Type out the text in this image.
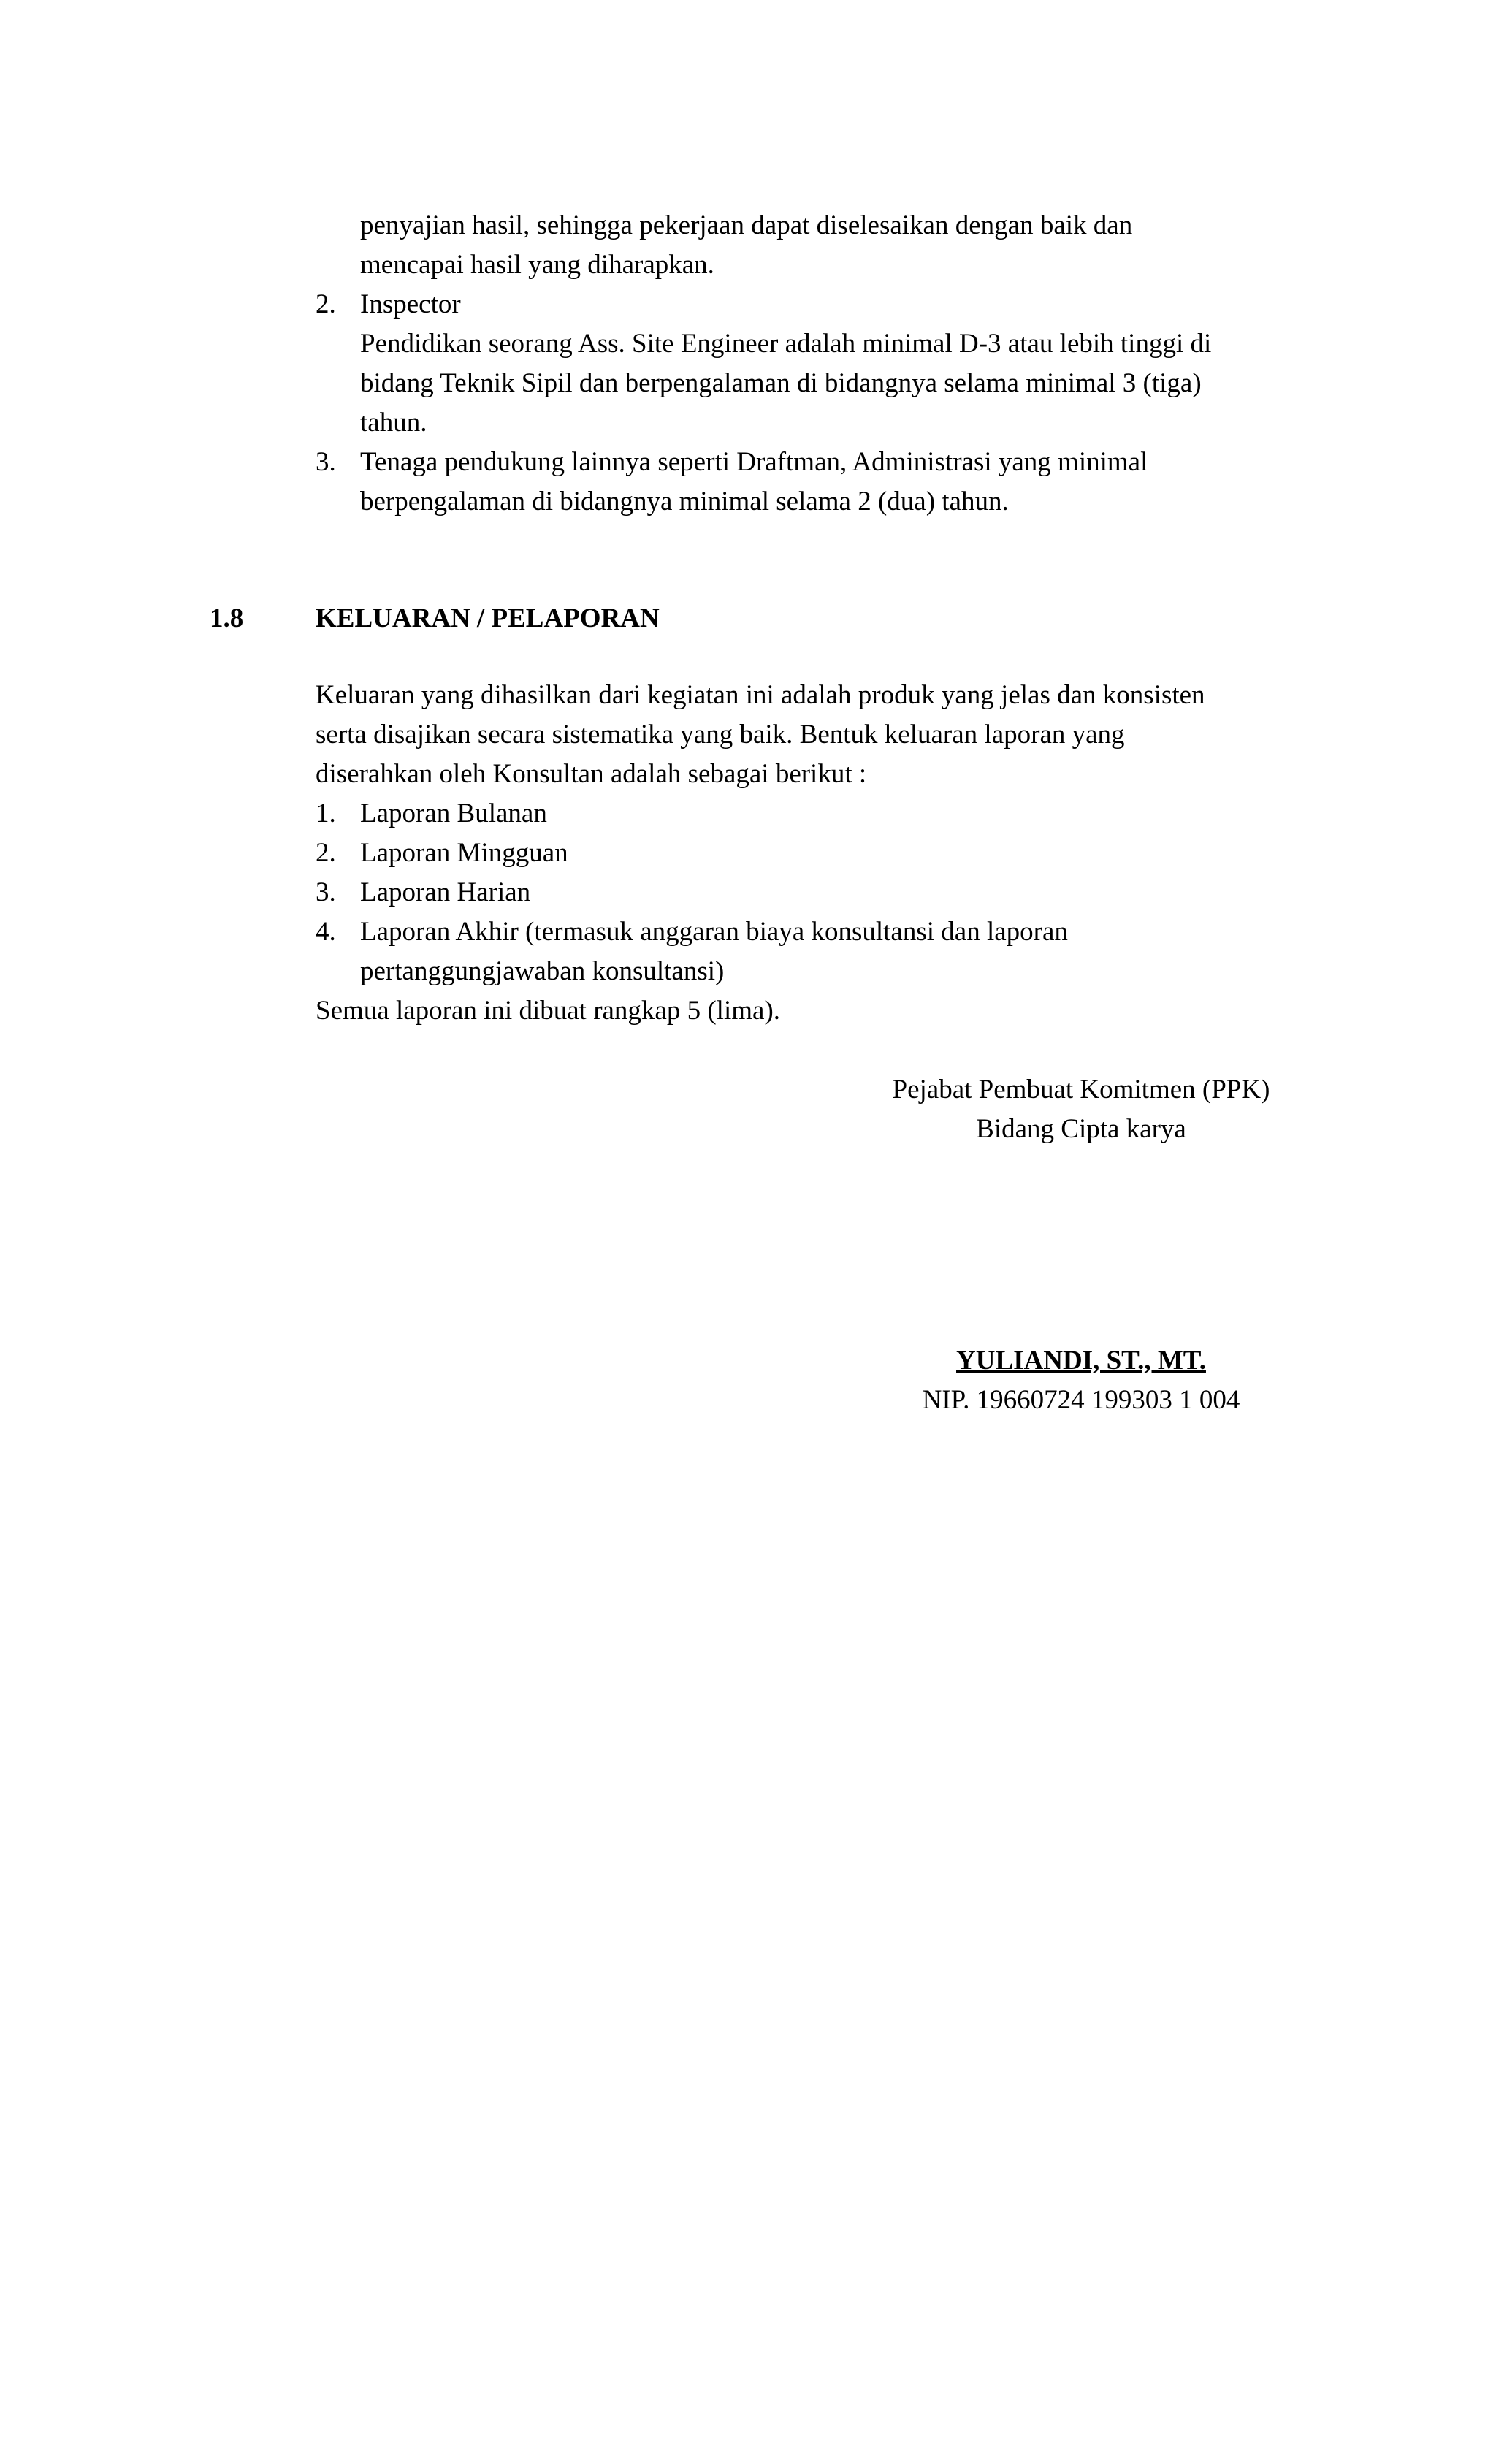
penyajian hasil, sehingga pekerjaan dapat diselesaikan dengan baik dan
mencapai hasil yang diharapkan.
2. Inspector
Pendidikan seorang Ass. Site Engineer adalah minimal D-3 atau lebih tinggi di
bidang Teknik Sipil dan berpengalaman di bidangnya selama minimal 3 (tiga)
tahun.
3. Tenaga pendukung lainnya seperti Draftman, Administrasi yang minimal
berpengalaman di bidangnya minimal selama 2 (dua) tahun.
1.8	KELUARAN / PELAPORAN
Keluaran yang dihasilkan dari kegiatan ini adalah produk yang jelas dan konsisten
serta disajikan secara sistematika yang baik. Bentuk keluaran laporan yang
diserahkan oleh Konsultan adalah sebagai berikut :
1. Laporan Bulanan
2. Laporan Mingguan
3. Laporan Harian
4. Laporan Akhir (termasuk anggaran biaya konsultansi dan laporan
pertanggungjawaban konsultansi)
Semua laporan ini dibuat rangkap 5 (lima).
Pejabat Pembuat Komitmen (PPK)
Bidang Cipta karya
YULIANDI, ST., MT.
NIP. 19660724 199303 1 004
